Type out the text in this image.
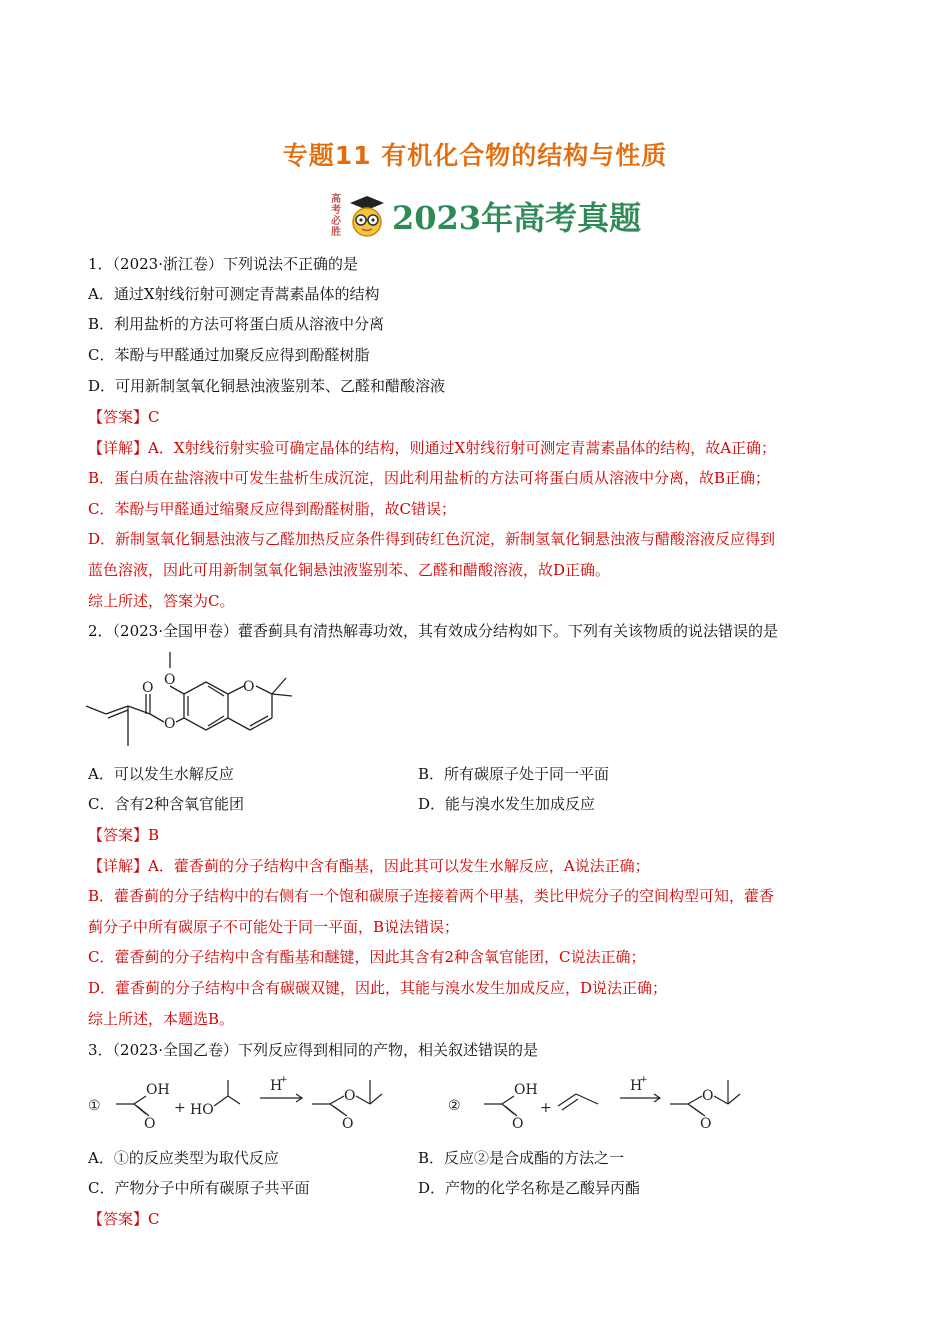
专题11 有机化合物的结构与性质
高考必胜 2023年高考真题
1．（2023·浙江卷）下列说法不正确的是
A．通过X射线衍射可测定青蒿素晶体的结构
B．利用盐析的方法可将蛋白质从溶液中分离
C．苯酚与甲醛通过加聚反应得到酚醛树脂
D．可用新制氢氧化铜悬浊液鉴别苯、乙醛和醋酸溶液
【答案】C
【详解】A．X射线衍射实验可确定晶体的结构，则通过X射线衍射可测定青蒿素晶体的结构，故A正确；
B．蛋白质在盐溶液中可发生盐析生成沉淀，因此利用盐析的方法可将蛋白质从溶液中分离，故B正确；
C．苯酚与甲醛通过缩聚反应得到酚醛树脂，故C错误；
D．新制氢氧化铜悬浊液与乙醛加热反应条件得到砖红色沉淀，新制氢氧化铜悬浊液与醋酸溶液反应得到
蓝色溶液，因此可用新制氢氧化铜悬浊液鉴别苯、乙醛和醋酸溶液，故D正确。
综上所述，答案为C。
2．（2023·全国甲卷）藿香蓟具有清热解毒功效，其有效成分结构如下。下列有关该物质的说法错误的是
O	O
O
O
A．可以发生水解反应	B．所有碳原子处于同一平面
C．含有2种含氧官能团	D．能与溴水发生加成反应
【答案】B
【详解】A．藿香蓟的分子结构中含有酯基，因此其可以发生水解反应，A说法正确；
B．藿香蓟的分子结构中的右侧有一个饱和碳原子连接着两个甲基，类比甲烷分子的空间构型可知，藿香
蓟分子中所有碳原子不可能处于同一平面，B说法错误；
C．藿香蓟的分子结构中含有酯基和醚键，因此其含有2种含氧官能团，C说法正确；
D．藿香蓟的分子结构中含有碳碳双键，因此，其能与溴水发生加成反应，D说法正确；
综上所述，本题选B。
3．（2023·全国乙卷）下列反应得到相同的产物，相关叙述错误的是
①
OH
O
+ HO
H
+
O
O
②
OH
O
+
H
+
O
O
A．①的反应类型为取代反应	B．反应②是合成酯的方法之一
C．产物分子中所有碳原子共平面	D．产物的化学名称是乙酸异丙酯
【答案】C
